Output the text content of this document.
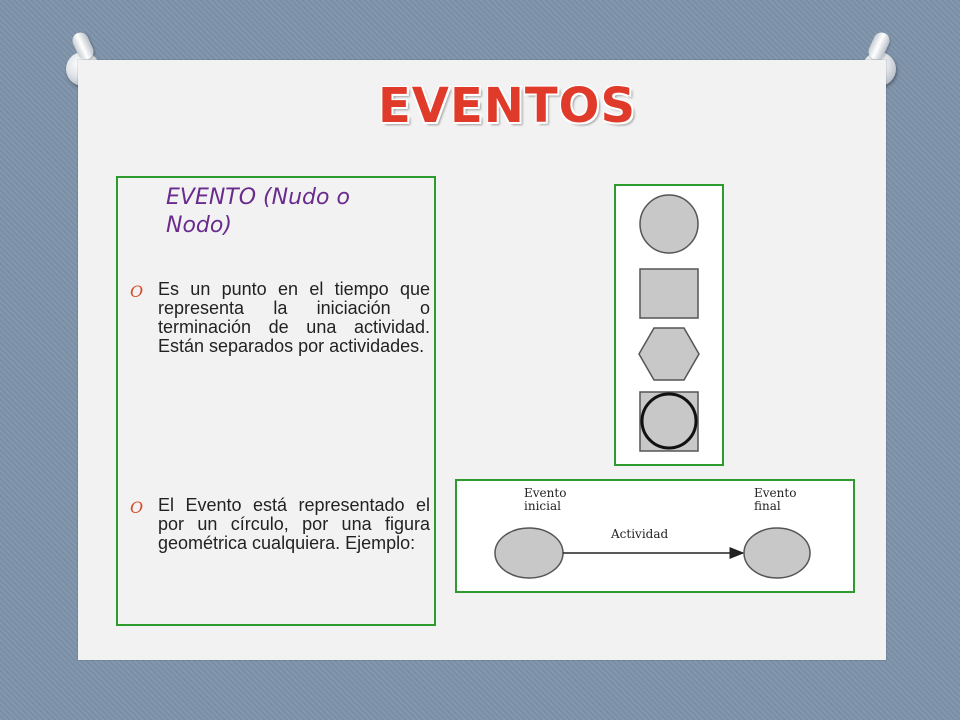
EVENTOS
EVENTO (Nudo o Nodo)
O Es un punto en el tiempo que representa la iniciación o terminación de una actividad. Están separados por actividades.
O El Evento está representado el por un círculo, por una figura geométrica cualquiera. Ejemplo:
Evento inicial
Evento final
Actividad
